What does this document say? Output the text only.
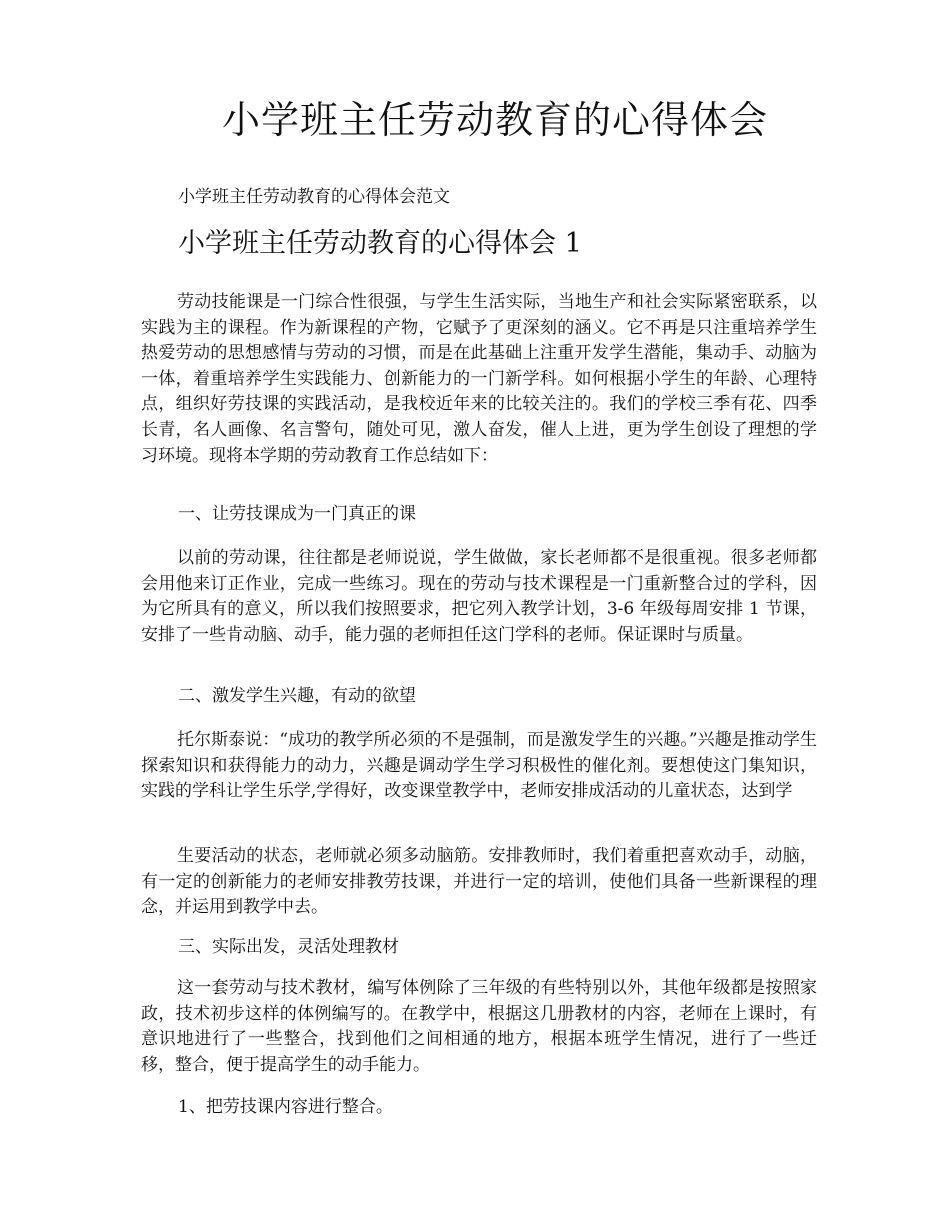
小学班主任劳动教育的心得体会

小学班主任劳动教育的心得体会范文

小学班主任劳动教育的心得体会 1

劳动技能课是一门综合性很强，与学生生活实际，当地生产和社会实际紧密联系，以实践为主的课程。作为新课程的产物，它赋予了更深刻的涵义。它不再是只注重培养学生热爱劳动的思想感情与劳动的习惯，而是在此基础上注重开发学生潜能，集动手、动脑为一体，着重培养学生实践能力、创新能力的一门新学科。如何根据小学生的年龄、心理特点，组织好劳技课的实践活动，是我校近年来的比较关注的。我们的学校三季有花、四季长青，名人画像、名言警句，随处可见，激人奋发，催人上进，更为学生创设了理想的学习环境。现将本学期的劳动教育工作总结如下：

一、让劳技课成为一门真正的课

以前的劳动课，往往都是老师说说，学生做做，家长老师都不是很重视。很多老师都会用他来订正作业，完成一些练习。现在的劳动与技术课程是一门重新整合过的学科，因为它所具有的意义，所以我们按照要求，把它列入教学计划，3-6 年级每周安排 1 节课，安排了一些肯动脑、动手，能力强的老师担任这门学科的老师。保证课时与质量。

二、激发学生兴趣，有动的欲望

托尔斯泰说：“成功的教学所必须的不是强制，而是激发学生的兴趣。”兴趣是推动学生探索知识和获得能力的动力，兴趣是调动学生学习积极性的催化剂。要想使这门集知识，实践的学科让学生乐学,学得好，改变课堂教学中，老师安排成活动的儿童状态，达到学

生要活动的状态，老师就必须多动脑筋。安排教师时，我们着重把喜欢动手，动脑，有一定的创新能力的老师安排教劳技课，并进行一定的培训，使他们具备一些新课程的理念，并运用到教学中去。

三、实际出发，灵活处理教材

这一套劳动与技术教材，编写体例除了三年级的有些特别以外，其他年级都是按照家政，技术初步这样的体例编写的。在教学中，根据这几册教材的内容，老师在上课时，有意识地进行了一些整合，找到他们之间相通的地方，根据本班学生情况，进行了一些迁移，整合，便于提高学生的动手能力。

1、把劳技课内容进行整合。
